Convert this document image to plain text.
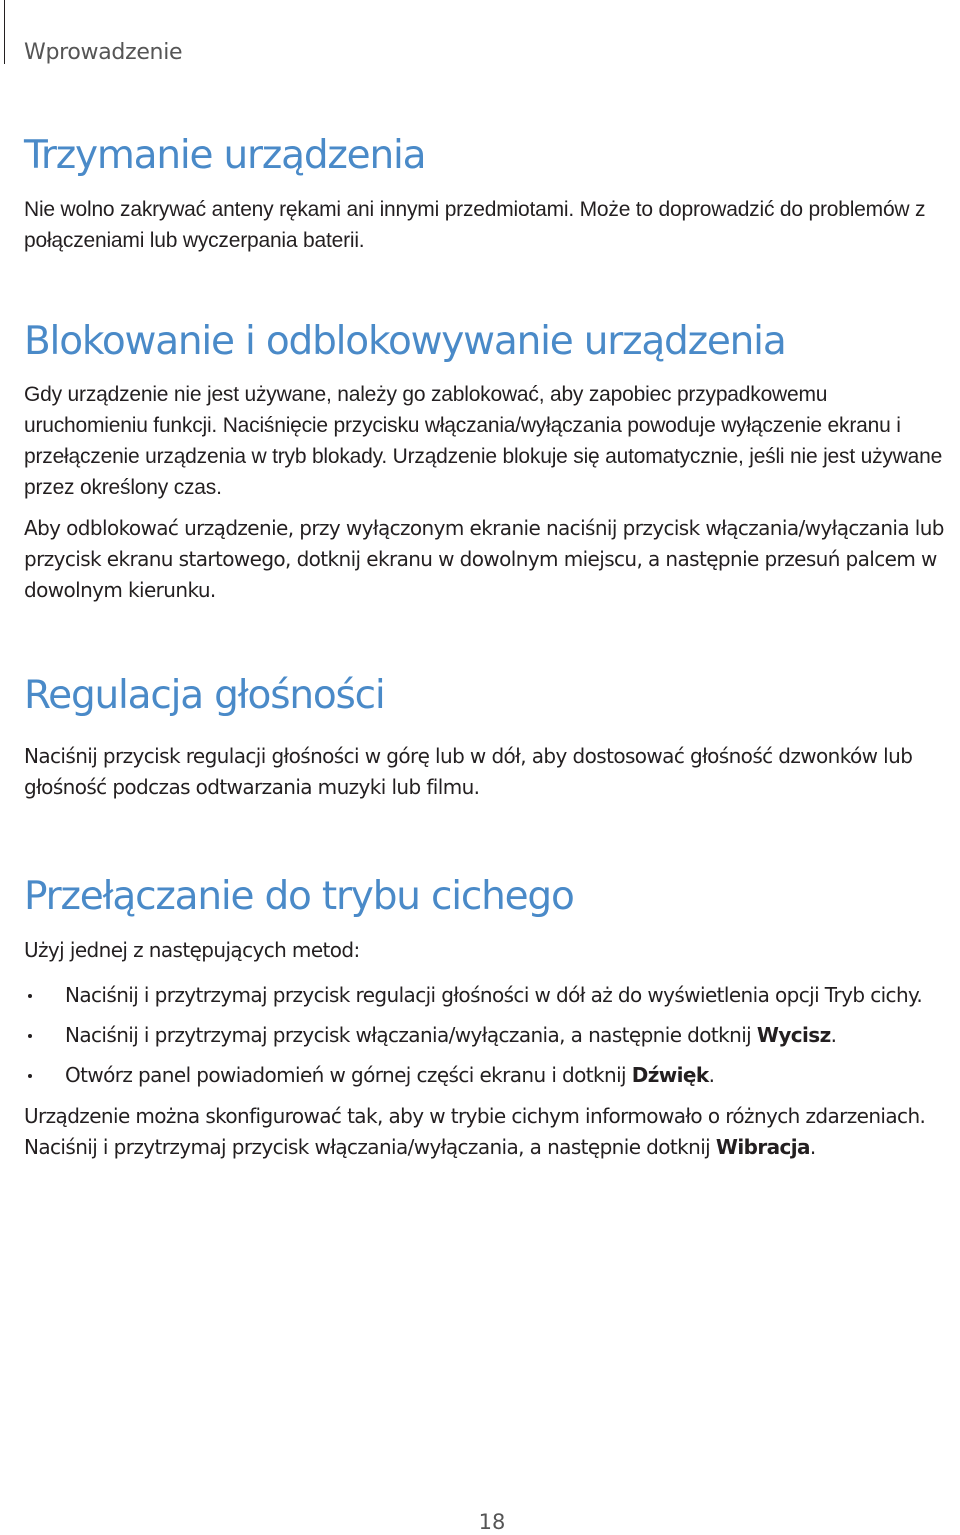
Wprowadzenie
Trzymanie urządzenia

Nie wolno zakrywać anteny rękami ani innymi przedmiotami. Może to doprowadzić do problemów z

połączeniami lub wyczerpania baterii.

Blokowanie i odblokowywanie urządzenia

Gdy urządzenie nie jest używane, należy go zablokować, aby zapobiec przypadkowemu

uruchomieniu funkcji. Naciśnięcie przycisku włączania/wyłączania powoduje wyłączenie ekranu i

przełączenie urządzenia w tryb blokady. Urządzenie blokuje się automatycznie, jeśli nie jest używane

przez określony czas.

Aby odblokować urządzenie, przy wyłączonym ekranie naciśnij przycisk włączania/wyłączania lub

przycisk ekranu startowego, dotknij ekranu w dowolnym miejscu, a następnie przesuń palcem w

dowolnym kierunku.

Regulacja głośności

Naciśnij przycisk regulacji głośności w górę lub w dół, aby dostosować głośność dzwonków lub

głośność podczas odtwarzania muzyki lub filmu.

Przełączanie do trybu cichego

Użyj jednej z następujących metod:

Naciśnij i przytrzymaj przycisk regulacji głośności w dół aż do wyświetlenia opcji Tryb cichy.
Naciśnij i przytrzymaj przycisk włączania/wyłączania, a następnie dotknij Wycisz.
Otwórz panel powiadomień w górnej części ekranu i dotknij Dźwięk.

Urządzenie można skonfigurować tak, aby w trybie cichym informowało o różnych zdarzeniach.

Naciśnij i przytrzymaj przycisk włączania/wyłączania, a następnie dotknij Wibracja.

18
